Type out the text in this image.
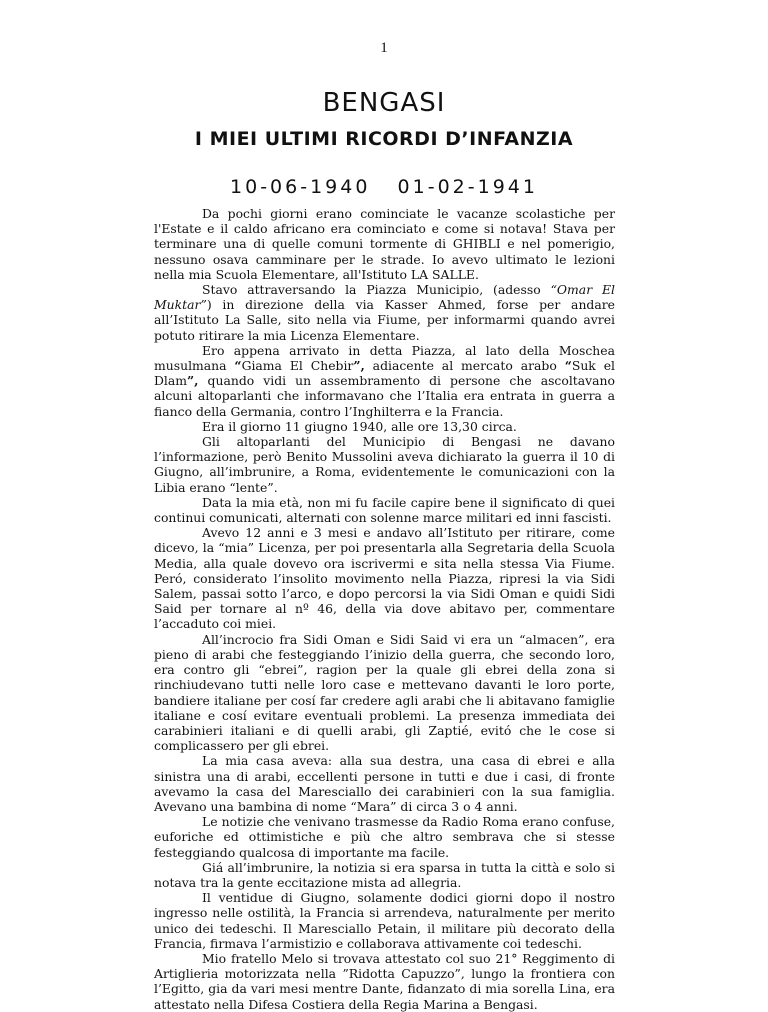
1
BENGASI
I MIEI ULTIMI RICORDI D’INFANZIA
10-06-1940   01-02-1941

Da pochi giorni erano cominciate le vacanze scolastiche per l'Estate e il caldo africano era cominciato e come si notava! Stava per terminare una di quelle comuni tormente di GHIBLI e nel pomerigio, nessuno osava camminare per le strade. Io avevo ultimato le lezioni nella mia Scuola Elementare, all'Istituto LA SALLE.

Stavo attraversando la Piazza Municipio, (adesso “Omar El Muktar”) in direzione della via Kasser Ahmed, forse per andare all’Istituto La Salle, sito nella via Fiume, per informarmi quando avrei potuto ritirare la mia Licenza Elementare.

Ero appena arrivato in detta Piazza, al lato della Moschea musulmana “Giama El Chebir”, adiacente al mercato arabo “Suk el Dlam”, quando vidi un assembramento di persone che ascoltavano alcuni altoparlanti che informavano che l’Italia era entrata in guerra a fianco della Germania, contro l’Inghilterra e la Francia.

Era il giorno 11 giugno 1940, alle ore 13,30 circa.

Gli altoparlanti del Municipio di Bengasi ne davano l’informazione, però Benito Mussolini aveva dichiarato la guerra il 10 di Giugno, all’imbrunire, a Roma, evidentemente le comunicazioni con la Libia erano “lente”.

Data la mia età, non mi fu facile capire bene il significato di quei continui comunicati, alternati con solenne marce militari ed inni fascisti.

Avevo 12 anni e 3 mesi e andavo all’Istituto per ritirare, come dicevo, la “mia” Licenza, per poi presentarla alla Segretaria della Scuola Media, alla quale dovevo ora iscrivermi e sita nella stessa Via Fiume. Peró, considerato l’insolito movimento nella Piazza, ripresi la via Sidi Salem, passai sotto l’arco, e dopo percorsi la via Sidi Oman e quidi Sidi Said per tornare al nº 46, della via dove abitavo per, commentare l’accaduto coi miei.

All’incrocio fra Sidi Oman e Sidi Said vi era un “almacen”, era pieno di arabi che festeggiando l’inizio della guerra, che secondo loro, era contro gli “ebrei”, ragion per la quale gli ebrei della zona si rinchiudevano tutti nelle loro case e mettevano davanti le loro porte, bandiere italiane per cosí far credere agli arabi che li abitavano famiglie italiane e cosí evitare eventuali problemi. La presenza immediata dei carabinieri italiani e di quelli arabi, gli Zaptié, evitó che le cose si complicassero per gli ebrei.

La mia casa aveva: alla sua destra, una casa di ebrei e alla sinistra una di arabi, eccellenti persone in tutti e due i casi, di fronte avevamo la casa del Maresciallo dei carabinieri con la sua famiglia. Avevano una bambina di nome “Mara” di circa 3 o 4 anni.

Le notizie che venivano trasmesse da Radio Roma erano confuse, euforiche ed ottimistiche e più che altro sembrava che si stesse festeggiando qualcosa di importante ma facile.

Giá all’imbrunire, la notizia si era sparsa in tutta la città e solo si notava tra la gente eccitazione mista ad allegria.

Il ventidue di Giugno, solamente dodici giorni dopo il nostro ingresso nelle ostilità, la Francia si arrendeva, naturalmente per merito unico dei tedeschi. Il Maresciallo Petain, il militare più decorato della Francia, firmava l’armistizio e collaborava attivamente coi tedeschi.

Mio fratello Melo si trovava attestato col suo 21° Reggimento di Artiglieria motorizzata nella ”Ridotta Capuzzo”, lungo la frontiera con l’Egitto, gia da vari mesi mentre Dante, fidanzato di mia sorella Lina, era attestato nella Difesa Costiera della Regia Marina a Bengasi.
